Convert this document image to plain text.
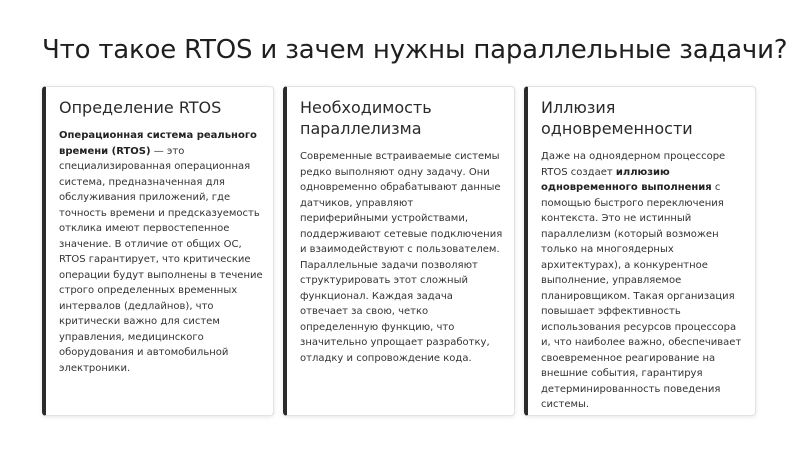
Что такое RTOS и зачем нужны параллельные задачи?
Определение RTOS

Операционная система реального времени (RTOS) — это специализированная операционная система, предназначенная для обслуживания приложений, где точность времени и предсказуемость отклика имеют первостепенное значение. В отличие от общих ОС, RTOS гарантирует, что критические операции будут выполнены в течение строго определенных временных интервалов (дедлайнов), что критически важно для систем управления, медицинского оборудования и автомобильной электроники.

Необходимость параллелизма

Современные встраиваемые системы редко выполняют одну задачу. Они одновременно обрабатывают данные датчиков, управляют периферийными устройствами, поддерживают сетевые подключения и взаимодействуют с пользователем. Параллельные задачи позволяют структурировать этот сложный функционал. Каждая задача отвечает за свою, четко определенную функцию, что значительно упрощает разработку, отладку и сопровождение кода.

Иллюзия одновременности

Даже на одноядерном процессоре RTOS создает иллюзию одновременного выполнения с помощью быстрого переключения контекста. Это не истинный параллелизм (который возможен только на многоядерных архитектурах), а конкурентное выполнение, управляемое планировщиком. Такая организация повышает эффективность использования ресурсов процессора и, что наиболее важно, обеспечивает своевременное реагирование на внешние события, гарантируя детерминированность поведения системы.
